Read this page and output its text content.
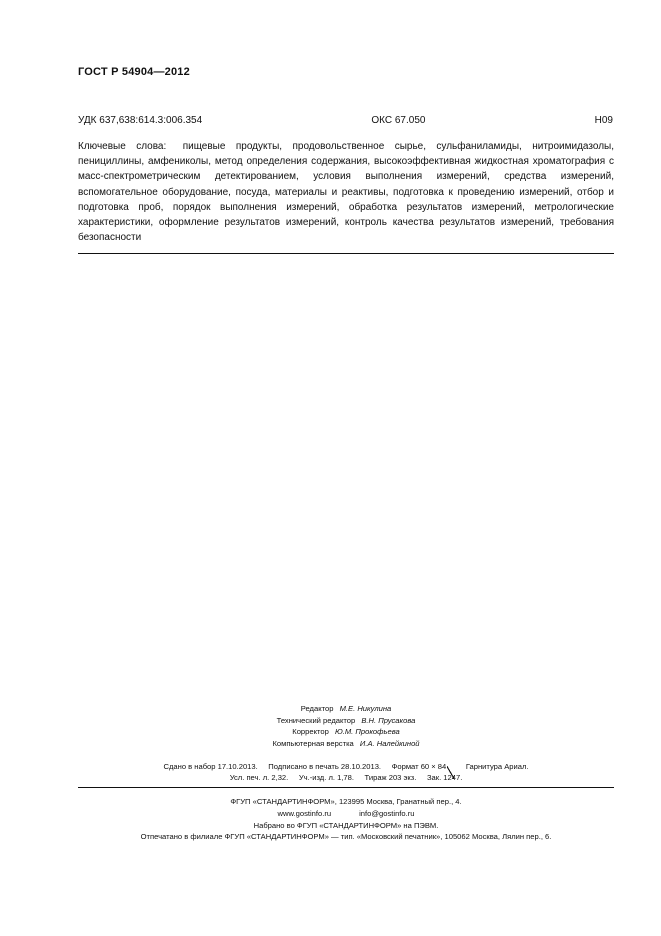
ГОСТ Р 54904—2012
УДК 637,638:614.3:006.354	ОКС 67.050	Н09
Ключевые слова: пищевые продукты, продовольственное сырье, сульфаниламиды, нитроимидазолы, пенициллины, амфениколы, метод определения содержания, высокоэффективная жидкостная хроматография с масс-спектрометрическим детектированием, условия выполнения измерений, средства измерений, вспомогательное оборудование, посуда, материалы и реактивы, подготовка к проведению измерений, отбор и подготовка проб, порядок выполнения измерений, обработка результатов измерений, метрологические характеристики, оформление результатов измерений, контроль качества результатов измерений, требования безопасности
Редактор М.Е. Никулина
Технический редактор В.Н. Прусакова
Корректор Ю.М. Прокофьева
Компьютерная верстка И.А. Налейкиной
Сдано в набор 17.10.2013. Подписано в печать 28.10.2013. Формат 60 × 84	Гарнитура Ариал.
Усл. печ. л. 2,32. Уч.-изд. л. 1,78. Тираж 203 экз. Зак. 1247.
ФГУП «СТАНДАРТИНФОРМ», 123995 Москва, Гранатный пер., 4.
www.gostinfo.ru	info@gostinfo.ru
Набрано во ФГУП «СТАНДАРТИНФОРМ» на ПЭВМ.
Отпечатано в филиале ФГУП «СТАНДАРТИНФОРМ» — тип. «Московский печатник», 105062 Москва, Лялин пер., 6.
